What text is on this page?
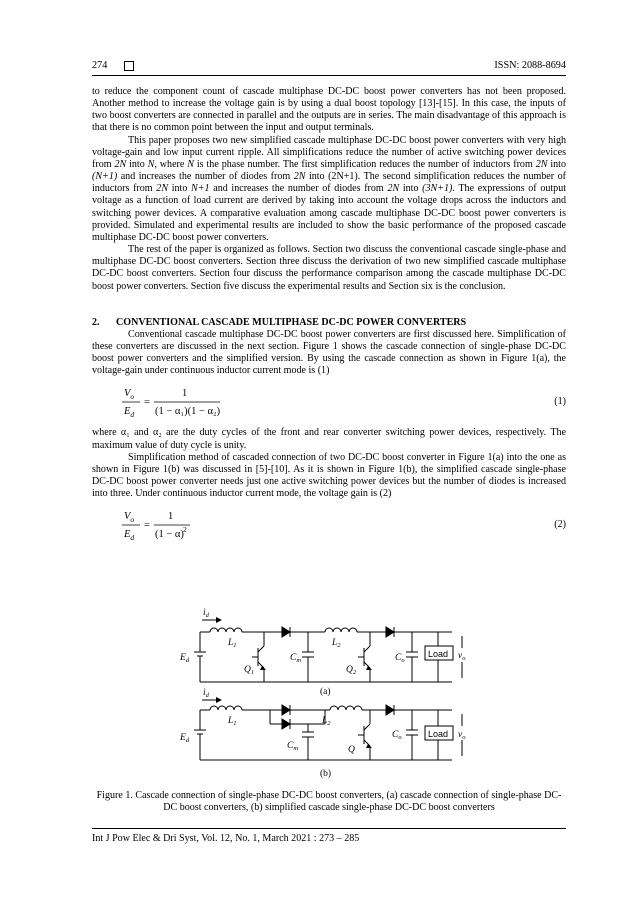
274	ISSN: 2088-8694

to reduce the component count of cascade multiphase DC-DC boost power converters has not been proposed. Another method to increase the voltage gain is by using a dual boost topology [13]-[15]. In this case, the inputs of two boost converters are connected in parallel and the outputs are in series. The main disadvantage of this approach is that there is no common point between the input and output terminals.

This paper proposes two new simplified cascade multiphase DC-DC boost power converters with very high voltage-gain and low input current ripple. All simplifications reduce the number of active switching power devices from 2N into N, where N is the phase number. The first simplification reduces the number of inductors from 2N into (N+1) and increases the number of diodes from 2N into (2N+1). The second simplification reduces the number of inductors from 2N into N+1 and increases the number of diodes from 2N into (3N+1). The expressions of output voltage as a function of load current are derived by taking into account the voltage drops across the inductors and switching power devices. A comparative evaluation among cascade multiphase DC-DC boost power converters is provided. Simulated and experimental results are included to show the basic performance of the proposed cascade multiphase DC-DC boost power converters.

The rest of the paper is organized as follows. Section two discuss the conventional cascade single-phase and multiphase DC-DC boost converters. Section three discuss the derivation of two new simplified cascade multiphase DC-DC boost converters. Section four discuss the performance comparison among the cascade multiphase DC-DC boost power converters. Section five discuss the experimental results and Section six is the conclusion.

2. CONVENTIONAL CASCADE MULTIPHASE DC-DC POWER CONVERTERS

Conventional cascade multiphase DC-DC boost power converters are first discussed here. Simplification of these converters are discussed in the next section. Figure 1 shows the cascade connection of single-phase DC-DC boost power converters and the simplified version. By using the cascade connection as shown in Figure 1(a), the voltage-gain under continuous inductor current mode is (1)

$V_o$
$E_d$
=
1
(1 − α₁)(1 − α₂)
(1)

where α₁ and α₂ are the duty cycles of the front and rear converter switching power devices, respectively. The maximum value of duty cycle is unity.

Simplification method of cascaded connection of two DC-DC boost converter in Figure 1(a) into the one as shown in Figure 1(b) was discussed in [5]-[10]. As it is shown in Figure 1(b), the simplified cascade single-phase DC-DC boost power converter needs just one active switching power devices but the number of diodes is increased into three. Under continuous inductor current mode, the voltage gain is (2)

$V_o$
$E_d$
=
1
(1 − α) 2	(2)
$i_d$
$L_1$	$L_2$
$E_d$
$Q_1$
$C_m$
$Q_2$
$C_o$
Load $v_o$
(a)
$i_d$
$L_1$	$L_2$
$E_d$
$C_m$	Q
$C_o$	Load $v_o$
(b)
Figure 1. Cascade connection of single-phase DC-DC boost converters, (a) cascade connection of single-phase DC-DC boost converters, (b) simplified cascade single-phase DC-DC boost converters
Int J Pow Elec & Dri Syst, Vol. 12, No. 1, March 2021 : 273 – 285
